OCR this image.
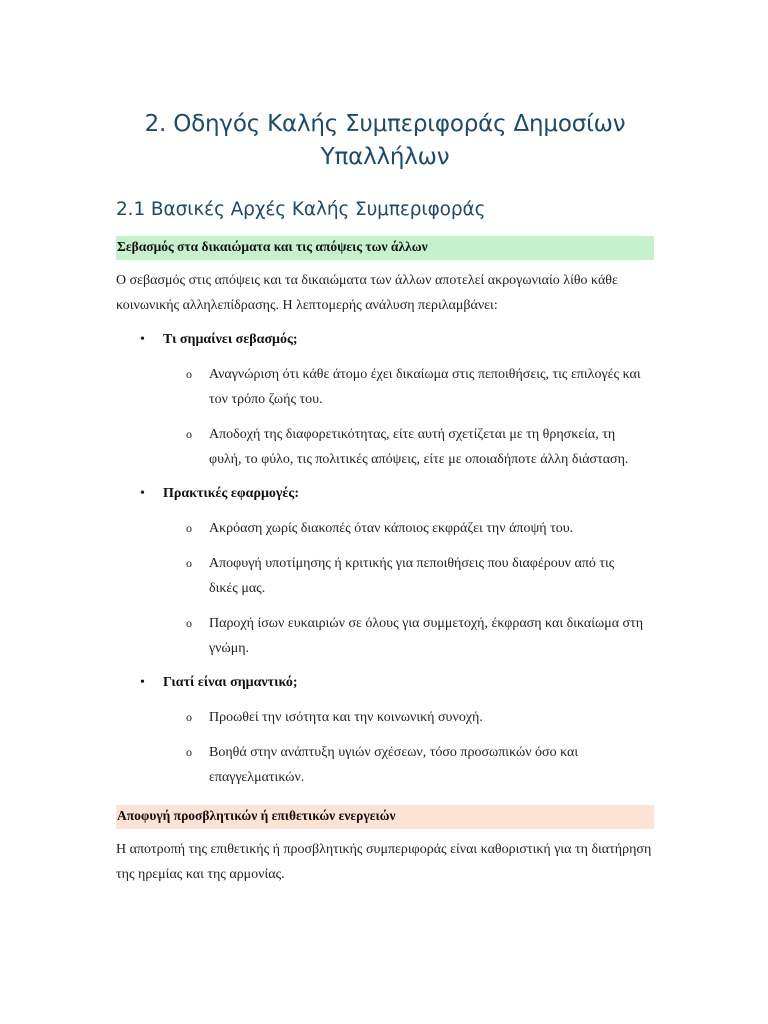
2. Οδηγός Καλής Συμπεριφοράς Δημοσίων Υπαλλήλων
2.1 Βασικές Αρχές Καλής Συμπεριφοράς
Σεβασμός στα δικαιώματα και τις απόψεις των άλλων

Ο σεβασμός στις απόψεις και τα δικαιώματα των άλλων αποτελεί ακρογωνιαίο λίθο κάθε κοινωνικής αλληλεπίδρασης. Η λεπτομερής ανάλυση περιλαμβάνει:

• Τι σημαίνει σεβασμός;
o Αναγνώριση ότι κάθε άτομο έχει δικαίωμα στις πεποιθήσεις, τις επιλογές και τον τρόπο ζωής του.
o Αποδοχή της διαφορετικότητας, είτε αυτή σχετίζεται με τη θρησκεία, τη φυλή, το φύλο, τις πολιτικές απόψεις, είτε με οποιαδήποτε άλλη διάσταση.
• Πρακτικές εφαρμογές:
o Ακρόαση χωρίς διακοπές όταν κάποιος εκφράζει την άποψή του.
o Αποφυγή υποτίμησης ή κριτικής για πεποιθήσεις που διαφέρουν από τις δικές μας.
o Παροχή ίσων ευκαιριών σε όλους για συμμετοχή, έκφραση και δικαίωμα στη γνώμη.
• Γιατί είναι σημαντικό;
o Προωθεί την ισότητα και την κοινωνική συνοχή.
o Βοηθά στην ανάπτυξη υγιών σχέσεων, τόσο προσωπικών όσο και επαγγελματικών.
Αποφυγή προσβλητικών ή επιθετικών ενεργειών

Η αποτροπή της επιθετικής ή προσβλητικής συμπεριφοράς είναι καθοριστική για τη διατήρηση της ηρεμίας και της αρμονίας.
